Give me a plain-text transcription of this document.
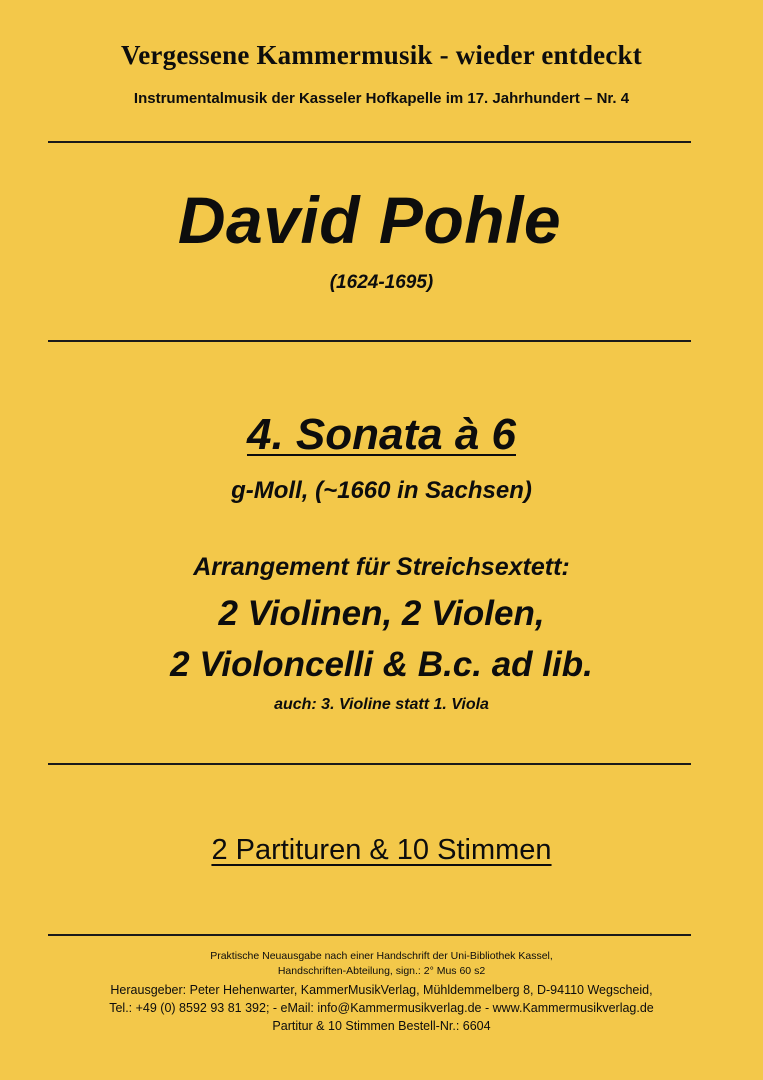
Vergessene Kammermusik - wieder entdeckt
Instrumentalmusik der Kasseler Hofkapelle im 17. Jahrhundert – Nr. 4
David Pohle
(1624-1695)
4. Sonata à 6
g-Moll, (~1660 in Sachsen)
Arrangement für Streichsextett:
2 Violinen, 2 Violen,
2 Violoncelli & B.c. ad lib.
auch: 3. Violine statt 1. Viola
2 Partituren & 10 Stimmen
Praktische Neuausgabe nach einer Handschrift der Uni-Bibliothek Kassel,
Handschriften-Abteilung, sign.: 2° Mus 60 s2
Herausgeber: Peter Hehenwarter, KammerMusikVerlag, Mühldemmelberg 8, D-94110 Wegscheid,
Tel.: +49 (0) 8592 93 81 392; - eMail: info@Kammermusikverlag.de - www.Kammermusikverlag.de
Partitur & 10 Stimmen Bestell-Nr.: 6604
